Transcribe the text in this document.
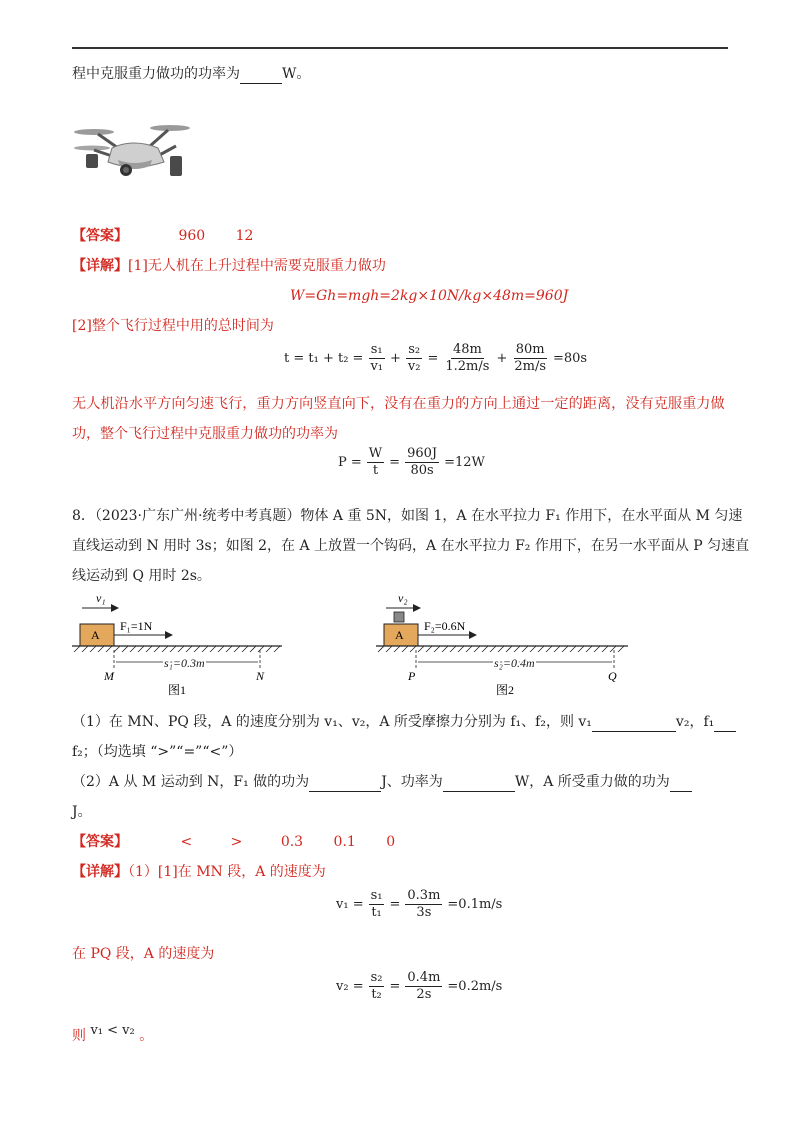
程中克服重力做功的功率为	W。
【答案】	960 12
【详解】[1]无人机在上升过程中需要克服重力做功
W=Gh=mgh=2kg×10N/kg×48m=960J
[2]整个飞行过程中用的总时间为
$t = t_1 + t_2 = \frac{\text{s₁}}{\text{v₁}} + \frac{\text{s₂}}{\text{v₂}} = \frac{48m}{1.2m/s} + \frac{80m}{2m/s} =80s$
无人机沿水平方向匀速飞行，重力方向竖直向下，没有在重力的方向上通过一定的距离，没有克服重力做
功，整个飞行过程中克服重力做功的功率为
$P = \frac{W}{t} = \frac{960J}{80s} =12W$
8．（2023·广东广州·统考中考真题）物体 A 重 5N，如图 1，A 在水平拉力 F₁ 作用下，在水平面从 M 匀速
直线运动到 N 用时 3s；如图 2，在 A 上放置一个钩码，A 在水平拉力 F₂ 作用下，在另一水平面从 P 匀速直
线运动到 Q 用时 2s。
v₁
A
F₁=1N
s₁=0.3m
M	N
图1
v₂
A
F₂=0.6N
s₂=0.4m
P	Q
图2
（1）在 MN、PQ 段，A 的速度分别为 v₁、v₂，A 所受摩擦力分别为 f₁、f₂，则 v₁	v₂，f₁
f₂；（均选填 “>”“=”“<”）
（2）A 从 M 运动到 N，F₁ 做的功为	J、功率为	W，A 所受重力做的功为
J。
【答案】	<	>	0.3 0.1 0
【详解】（1）[1]在 MN 段，A 的速度为
$v_1 = \frac{\text{s₁}}{\text{t₁}} = \frac{0.3m}{3s} =0.1m/s$
在 PQ 段，A 的速度为
$v_2 = \frac{\text{s₂}}{\text{t₂}} = \frac{0.4m}{2s} =0.2m/s$
则 v₁ < v₂ 。
